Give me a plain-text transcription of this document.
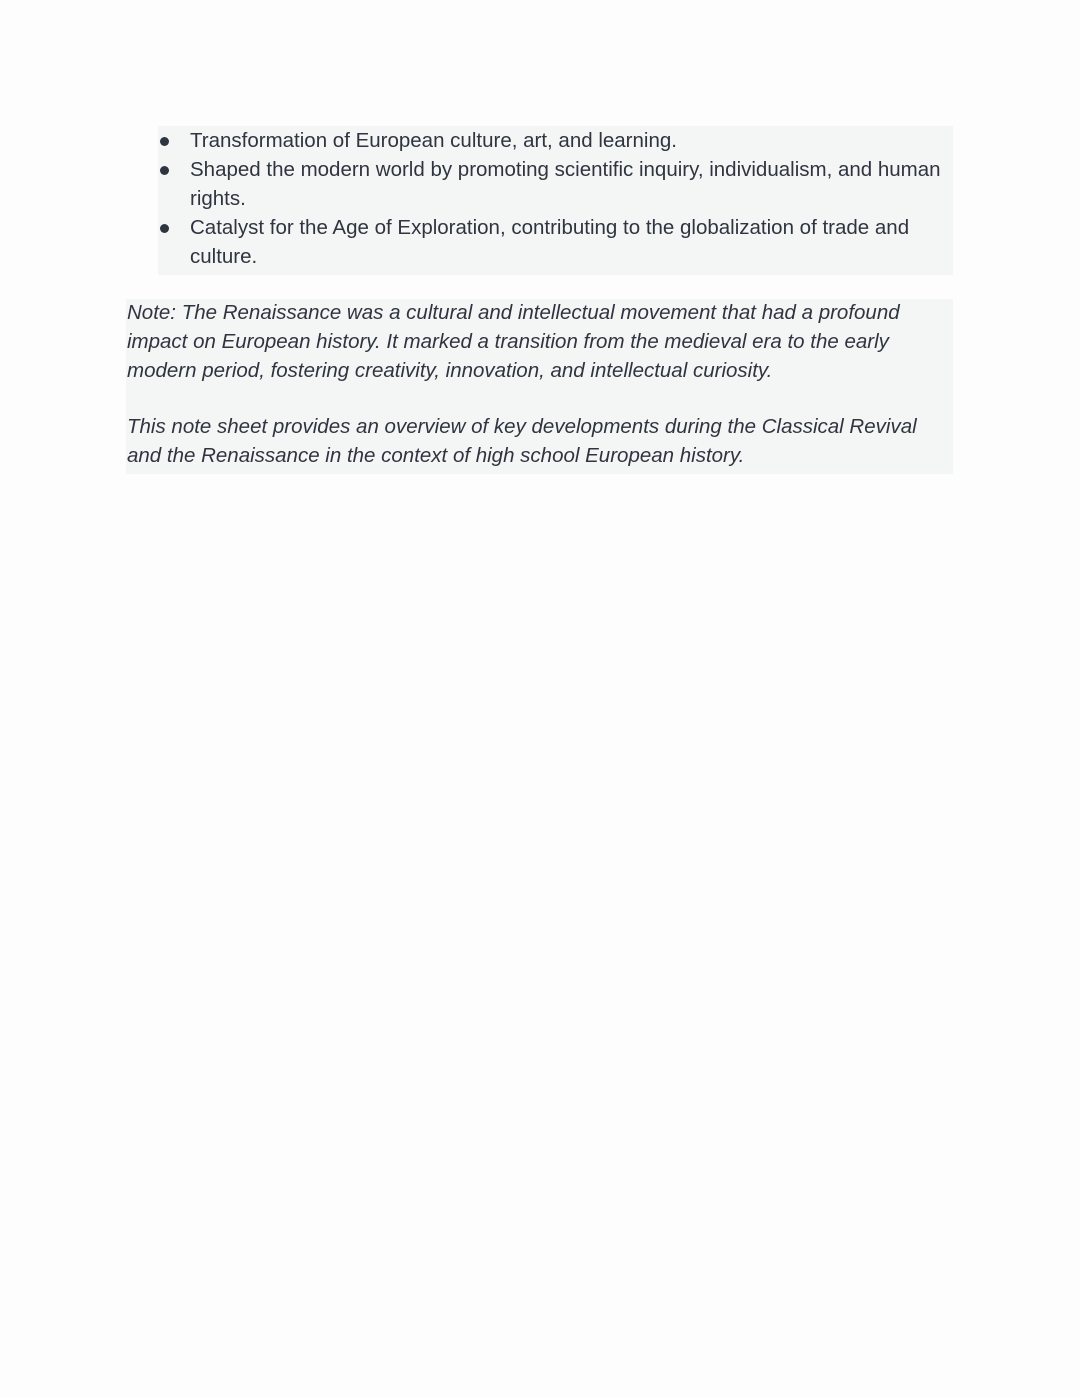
Transformation of European culture, art, and learning.
Shaped the modern world by promoting scientific inquiry, individualism, and human rights.
Catalyst for the Age of Exploration, contributing to the globalization of trade and culture.

Note: The Renaissance was a cultural and intellectual movement that had a profound impact on European history. It marked a transition from the medieval era to the early modern period, fostering creativity, innovation, and intellectual curiosity.

This note sheet provides an overview of key developments during the Classical Revival and the Renaissance in the context of high school European history.
